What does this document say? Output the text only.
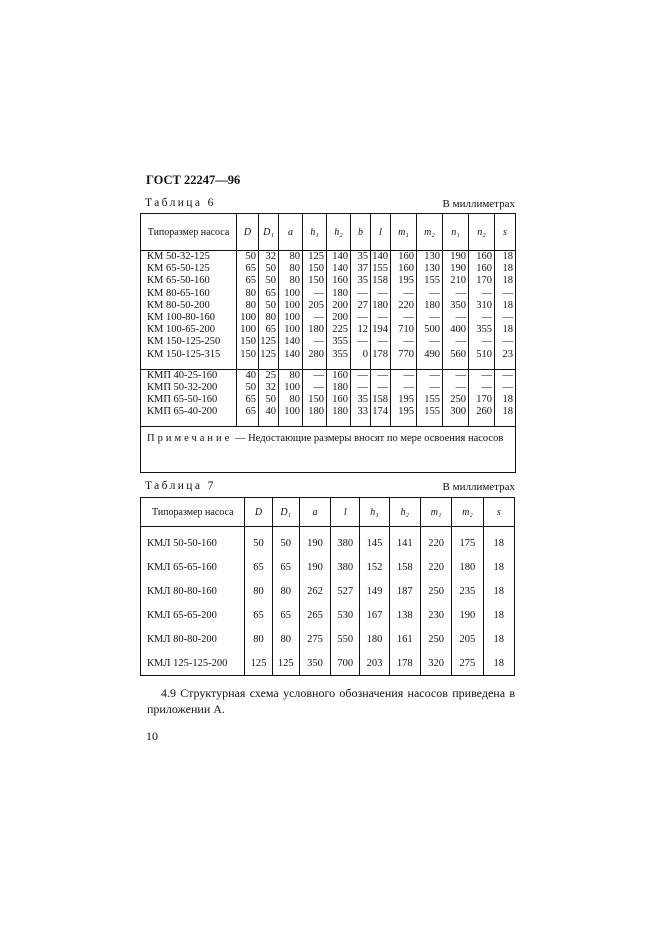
ГОСТ 22247—96
Таблица 6	В миллиметрах
Типоразмер насоса	D	D₁	a	h₁	h₂	b	l	m₁	m₂	n₁	n₂	s
КМ 50-32-125	50	32	80	125	140	35	140	160	130	190	160	18
КМ 65-50-125	65	50	80	150	140	37	155	160	130	190	160	18
КМ 65-50-160	65	50	80	150	160	35	158	195	155	210	170	18
КМ 80-65-160	80	65	100	—	180	—	—	—	—	—	—	—
КМ 80-50-200	80	50	100	205	200	27	180	220	180	350	310	18
КМ 100-80-160	100	80	100	—	200	—	—	—	—	—	—	—
КМ 100-65-200	100	65	100	180	225	12	194	710	500	400	355	18
КМ 150-125-250	150	125	140	—	355	—	—	—	—	—	—	—
КМ 150-125-315	150	125	140	280	355	0	178	770	490	560	510	23

КМП 40-25-160	40	25	80	—	160	—	—	—	—	—	—	—
КМП 50-32-200	50	32	100	—	180	—	—	—	—	—	—	—
КМП 65-50-160	65	50	80	150	160	35	158	195	155	250	170	18
КМП 65-40-200	65	40	100	180	180	33	174	195	155	300	260	18

Примечание — Недостающие размеры вносят по мере освоения насосов												
Таблица 7	В миллиметрах
Типоразмер насоса	D	D₁	a	l	h₁	h₂	m₁	m₂	s
КМЛ 50-50-160	50	50	190	380	145	141	220	175	18
КМЛ 65-65-160	65	65	190	380	152	158	220	180	18
КМЛ 80-80-160	80	80	262	527	149	187	250	235	18
КМЛ 65-65-200	65	65	265	530	167	138	230	190	18
КМЛ 80-80-200	80	80	275	550	180	161	250	205	18
КМЛ 125-125-200	125	125	350	700	203	178	320	275	18
4.9 Структурная схема условного обозначения насосов приведена в приложении А.
10
